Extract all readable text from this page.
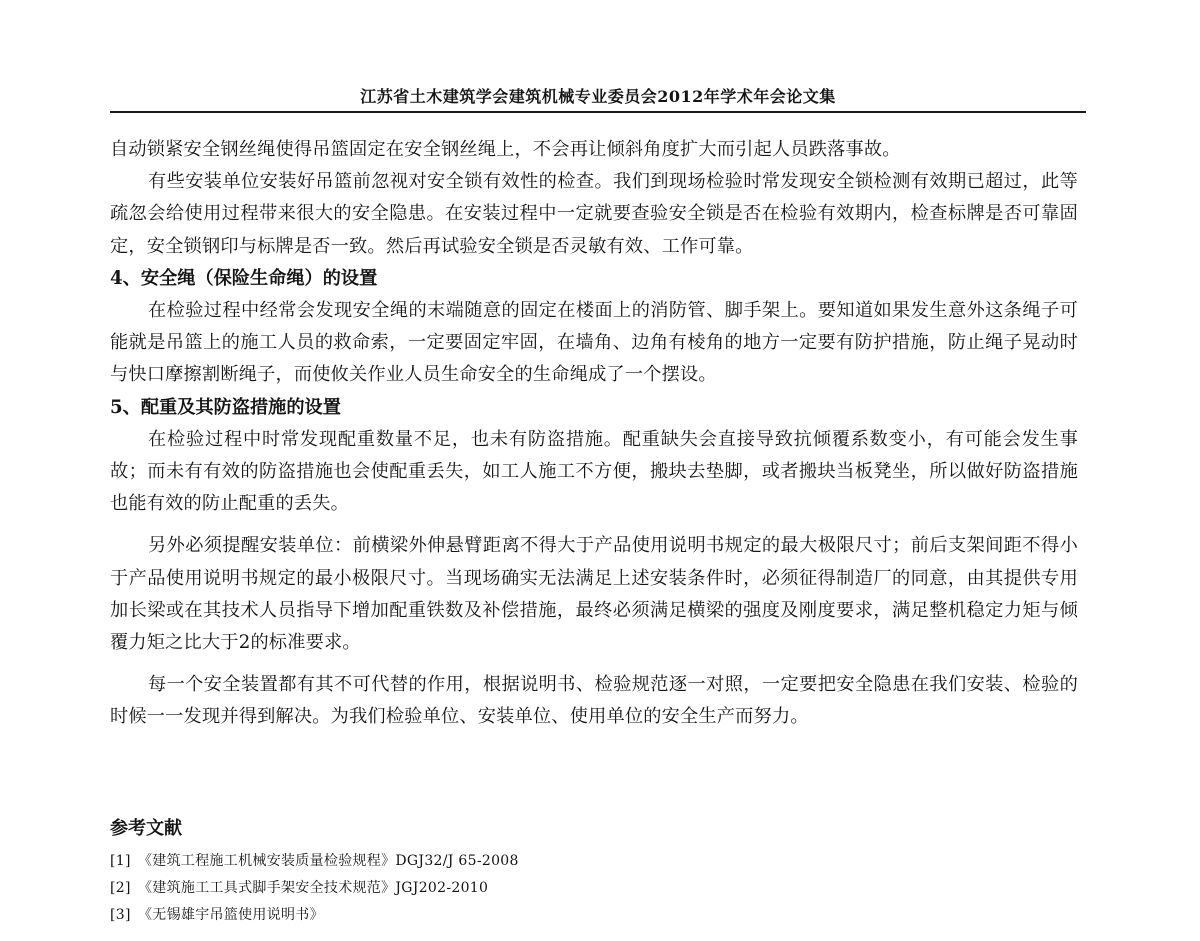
江苏省土木建筑学会建筑机械专业委员会2012年学术年会论文集

自动锁紧安全钢丝绳使得吊篮固定在安全钢丝绳上，不会再让倾斜角度扩大而引起人员跌落事故。

有些安装单位安装好吊篮前忽视对安全锁有效性的检查。我们到现场检验时常发现安全锁检测有效期已超过，此等疏忽会给使用过程带来很大的安全隐患。在安装过程中一定就要查验安全锁是否在检验有效期内，检查标牌是否可靠固定，安全锁钢印与标牌是否一致。然后再试验安全锁是否灵敏有效、工作可靠。

4、安全绳（保险生命绳）的设置

在检验过程中经常会发现安全绳的末端随意的固定在楼面上的消防管、脚手架上。要知道如果发生意外这条绳子可能就是吊篮上的施工人员的救命索，一定要固定牢固，在墙角、边角有棱角的地方一定要有防护措施，防止绳子晃动时与快口摩擦割断绳子，而使攸关作业人员生命安全的生命绳成了一个摆设。

5、配重及其防盗措施的设置

在检验过程中时常发现配重数量不足，也未有防盗措施。配重缺失会直接导致抗倾覆系数变小，有可能会发生事故；而未有有效的防盗措施也会使配重丢失，如工人施工不方便，搬块去垫脚，或者搬块当板凳坐，所以做好防盗措施也能有效的防止配重的丢失。

另外必须提醒安装单位：前横梁外伸悬臂距离不得大于产品使用说明书规定的最大极限尺寸；前后支架间距不得小于产品使用说明书规定的最小极限尺寸。当现场确实无法满足上述安装条件时，必须征得制造厂的同意，由其提供专用加长梁或在其技术人员指导下增加配重铁数及补偿措施，最终必须满足横梁的强度及刚度要求，满足整机稳定力矩与倾覆力矩之比大于2的标准要求。

每一个安全装置都有其不可代替的作用，根据说明书、检验规范逐一对照，一定要把安全隐患在我们安装、检验的时候一一发现并得到解决。为我们检验单位、安装单位、使用单位的安全生产而努力。

参考文献
[1] 《建筑工程施工机械安装质量检验规程》DGJ32/J 65-2008
[2] 《建筑施工工具式脚手架安全技术规范》JGJ202-2010
[3] 《无锡雄宇吊篮使用说明书》
